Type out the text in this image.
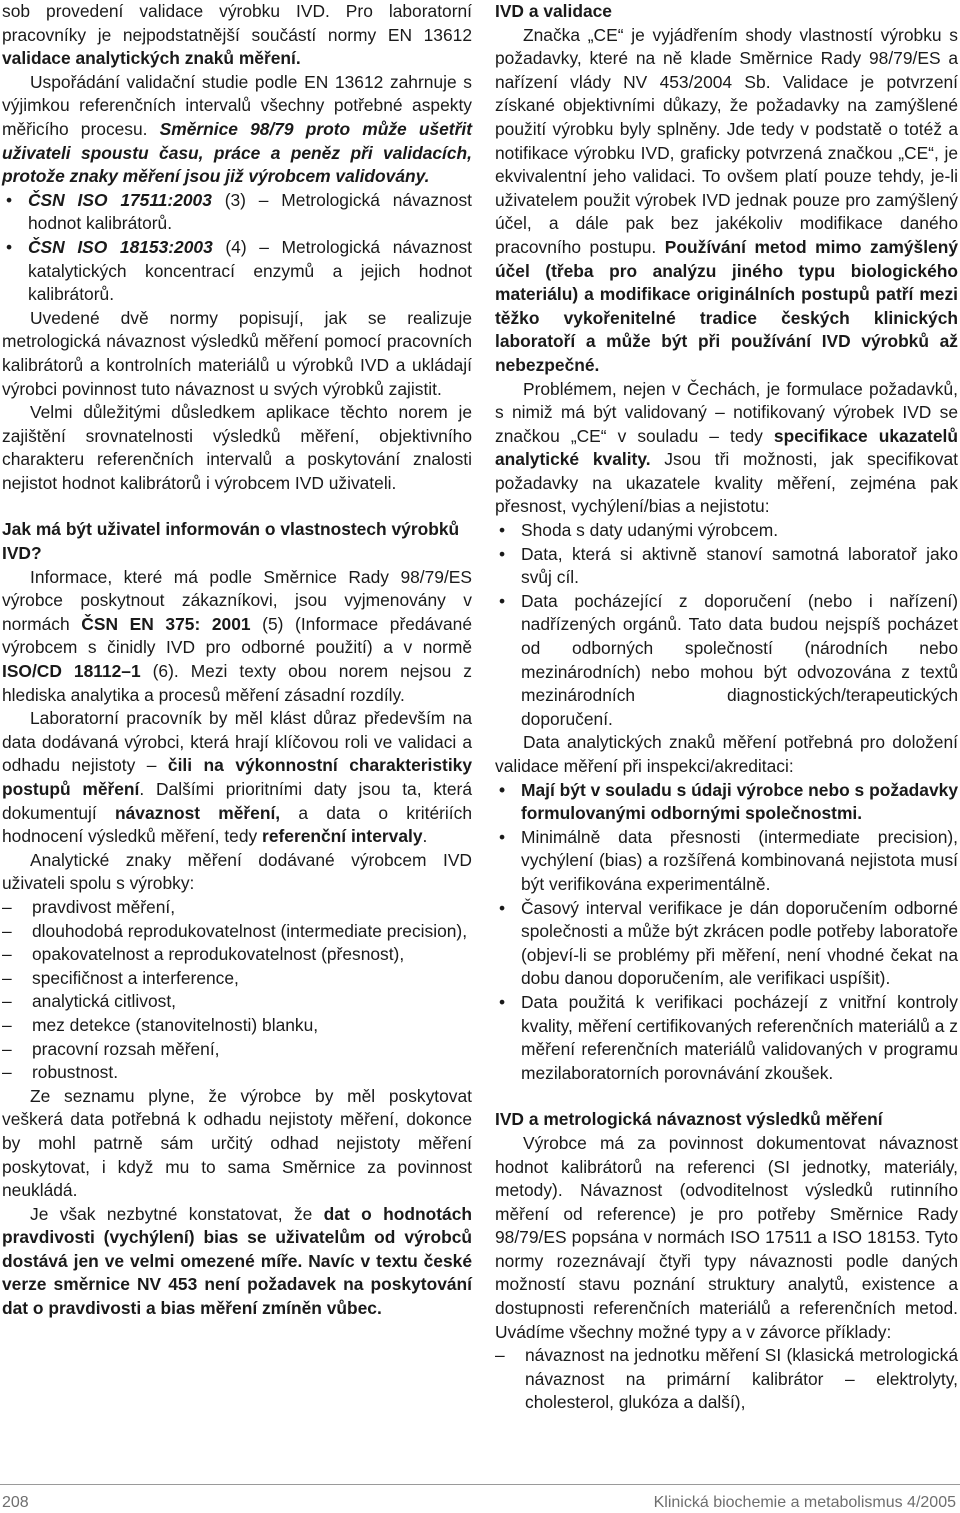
sob provedení validace výrobku IVD. Pro laboratorní pracovníky je nejpodstatnější součástí normy EN 13612 validace analytických znaků měření.

Uspořádání validační studie podle EN 13612 zahrnuje s výjimkou referenčních intervalů všechny potřebné aspekty měřicího procesu. Směrnice 98/79 proto může ušetřit uživateli spoustu času, práce a peněz při validacích, protože znaky měření jsou již výrobcem validovány.

• ČSN ISO 17511:2003 (3) – Metrologická návaznost hodnot kalibrátorů.
• ČSN ISO 18153:2003 (4) – Metrologická návaznost katalytických koncentrací enzymů a jejich hodnot kalibrátorů.

Uvedené dvě normy popisují, jak se realizuje metrologická návaznost výsledků měření pomocí pracovních kalibrátorů a kontrolních materiálů u výrobků IVD a ukládají výrobci povinnost tuto návaznost u svých výrobků zajistit.

Velmi důležitými důsledkem aplikace těchto norem je zajištění srovnatelnosti výsledků měření, objektivního charakteru referenčních intervalů a poskytování znalosti nejistot hodnot kalibrátorů i výrobcem IVD uživateli.

Jak má být uživatel informován o vlastnostech výrobků IVD?

Informace, které má podle Směrnice Rady 98/79/ES výrobce poskytnout zákazníkovi, jsou vyjmenovány v normách ČSN EN 375: 2001 (5) (Informace předávané výrobcem s činidly IVD pro odborné použití) a v normě ISO/CD 18112–1 (6). Mezi texty obou norem nejsou z hlediska analytika a procesů měření zásadní rozdíly.

Laboratorní pracovník by měl klást důraz především na data dodávaná výrobci, která hrají klíčovou roli ve validaci a odhadu nejistoty – čili na výkonnostní charakteristiky postupů měření. Dalšími prioritními daty jsou ta, která dokumentují návaznost měření, a data o kritériích hodnocení výsledků měření, tedy referenční intervaly.

Analytické znaky měření dodávané výrobcem IVD uživateli spolu s výrobky:

– pravdivost měření,
– dlouhodobá reprodukovatelnost (intermediate precision),
– opakovatelnost a reprodukovatelnost (přesnost),
– specifičnost a interference,
– analytická citlivost,
– mez detekce (stanovitelnosti) blanku,
– pracovní rozsah měření,
– robustnost.

Ze seznamu plyne, že výrobce by měl poskytovat veškerá data potřebná k odhadu nejistoty měření, dokonce by mohl patrně sám určitý odhad nejistoty měření poskytovat, i když mu to sama Směrnice za povinnost neukládá.

Je však nezbytné konstatovat, že dat o hodnotách pravdivosti (vychýlení) bias se uživatelům od výrobců dostává jen ve velmi omezené míře. Navíc v textu české verze směrnice NV 453 není požadavek na poskytování dat o pravdivosti a bias měření zmíněn vůbec.

IVD a validace

Značka „CE“ je vyjádřením shody vlastností výrobku s požadavky, které na ně klade Směrnice Rady 98/79/ES a nařízení vlády NV 453/2004 Sb. Validace je potvrzení získané objektivními důkazy, že požadavky na zamýšlené použití výrobku byly splněny. Jde tedy v podstatě o totéž a notifikace výrobku IVD, graficky potvrzená značkou „CE“, je ekvivalentní jeho validaci. To ovšem platí pouze tehdy, je-li uživatelem použit výrobek IVD jednak pouze pro zamýšlený účel, a dále pak bez jakékoliv modifikace daného pracovního postupu. Používání metod mimo zamýšlený účel (třeba pro analýzu jiného typu biologického materiálu) a modifikace originálních postupů patří mezi těžko vykořenitelné tradice českých klinických laboratoří a může být při používání IVD výrobků až nebezpečné.

Problémem, nejen v Čechách, je formulace požadavků, s nimiž má být validovaný – notifikovaný výrobek IVD se značkou „CE“ v souladu – tedy specifikace ukazatelů analytické kvality. Jsou tři možnosti, jak specifikovat požadavky na ukazatele kvality měření, zejména pak přesnost, vychýlení/bias a nejistotu:

• Shoda s daty udanými výrobcem.
• Data, která si aktivně stanoví samotná laboratoř jako svůj cíl.
• Data pocházející z doporučení (nebo i nařízení) nadřízených orgánů. Tato data budou nejspíš pocházet od odborných společností (národních nebo mezinárodních) nebo mohou být odvozována z textů mezinárodních diagnostických/terapeutických doporučení.

Data analytických znaků měření potřebná pro doložení validace měření při inspekci/akreditaci:

• Mají být v souladu s údaji výrobce nebo s požadavky formulovanými odbornými společnostmi.
• Minimálně data přesnosti (intermediate precision), vychýlení (bias) a rozšířená kombinovaná nejistota musí být verifikována experimentálně.
• Časový interval verifikace je dán doporučením odborné společnosti a může být zkrácen podle potřeby laboratoře (objeví-li se problémy při měření, není vhodné čekat na dobu danou doporučením, ale verifikaci uspíšit).
• Data použitá k verifikaci pocházejí z vnitřní kontroly kvality, měření certifikovaných referenčních materiálů a z měření referenčních materiálů validovaných v programu mezilaboratorních porovnávání zkoušek.
IVD a metrologická návaznost výsledků měření

Výrobce má za povinnost dokumentovat návaznost hodnot kalibrátorů na referenci (SI jednotky, materiály, metody). Návaznost (odvoditelnost výsledků rutinního měření od reference) je pro potřeby Směrnice Rady 98/79/ES popsána v normách ISO 17511 a ISO 18153. Tyto normy rozeznávají čtyři typy návaznosti podle daných možností stavu poznání struktury analytů, existence a dostupnosti referenčních materiálů a referenčních metod. Uvádíme všechny možné typy a v závorce příklady:

– návaznost na jednotku měření SI (klasická metrologická návaznost na primární kalibrátor – elektrolyty, cholesterol, glukóza a další),
208	Klinická biochemie a metabolismus 4/2005
